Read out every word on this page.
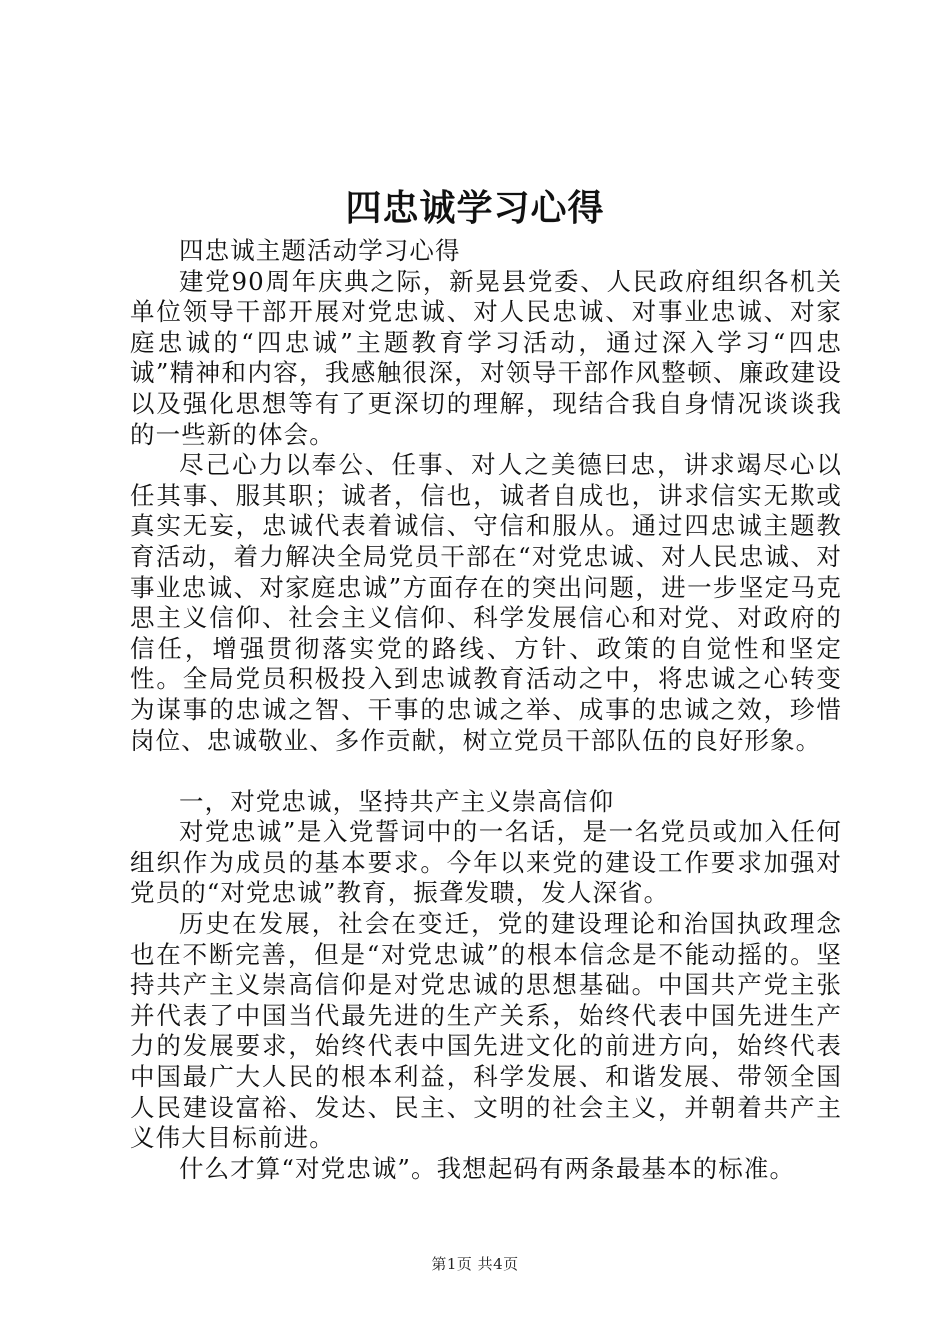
四忠诚学习心得

四忠诚主题活动学习心得

建党90周年庆典之际，新晃县党委、人民政府组织各机关单位领导干部开展对党忠诚、对人民忠诚、对事业忠诚、对家庭忠诚的“四忠诚”主题教育学习活动，通过深入学习“四忠诚”精神和内容，我感触很深，对领导干部作风整顿、廉政建设以及强化思想等有了更深切的理解，现结合我自身情况谈谈我的一些新的体会。

尽己心力以奉公、任事、对人之美德曰忠，讲求竭尽心以任其事、服其职；诚者，信也，诚者自成也，讲求信实无欺或真实无妄，忠诚代表着诚信、守信和服从。通过四忠诚主题教育活动，着力解决全局党员干部在“对党忠诚、对人民忠诚、对事业忠诚、对家庭忠诚”方面存在的突出问题，进一步坚定马克思主义信仰、社会主义信仰、科学发展信心和对党、对政府的信任，增强贯彻落实党的路线、方针、政策的自觉性和坚定性。全局党员积极投入到忠诚教育活动之中，将忠诚之心转变为谋事的忠诚之智、干事的忠诚之举、成事的忠诚之效，珍惜岗位、忠诚敬业、多作贡献，树立党员干部队伍的良好形象。

一，对党忠诚，坚持共产主义崇高信仰

对党忠诚”是入党誓词中的一名话，是一名党员或加入任何组织作为成员的基本要求。今年以来党的建设工作要求加强对党员的“对党忠诚”教育，振聋发聩，发人深省。

历史在发展，社会在变迁，党的建设理论和治国执政理念也在不断完善，但是“对党忠诚”的根本信念是不能动摇的。坚持共产主义崇高信仰是对党忠诚的思想基础。中国共产党主张并代表了中国当代最先进的生产关系，始终代表中国先进生产力的发展要求，始终代表中国先进文化的前进方向，始终代表中国最广大人民的根本利益，科学发展、和谐发展、带领全国人民建设富裕、发达、民主、文明的社会主义，并朝着共产主义伟大目标前进。

什么才算“对党忠诚”。我想起码有两条最基本的标准。

第1页 共4页
